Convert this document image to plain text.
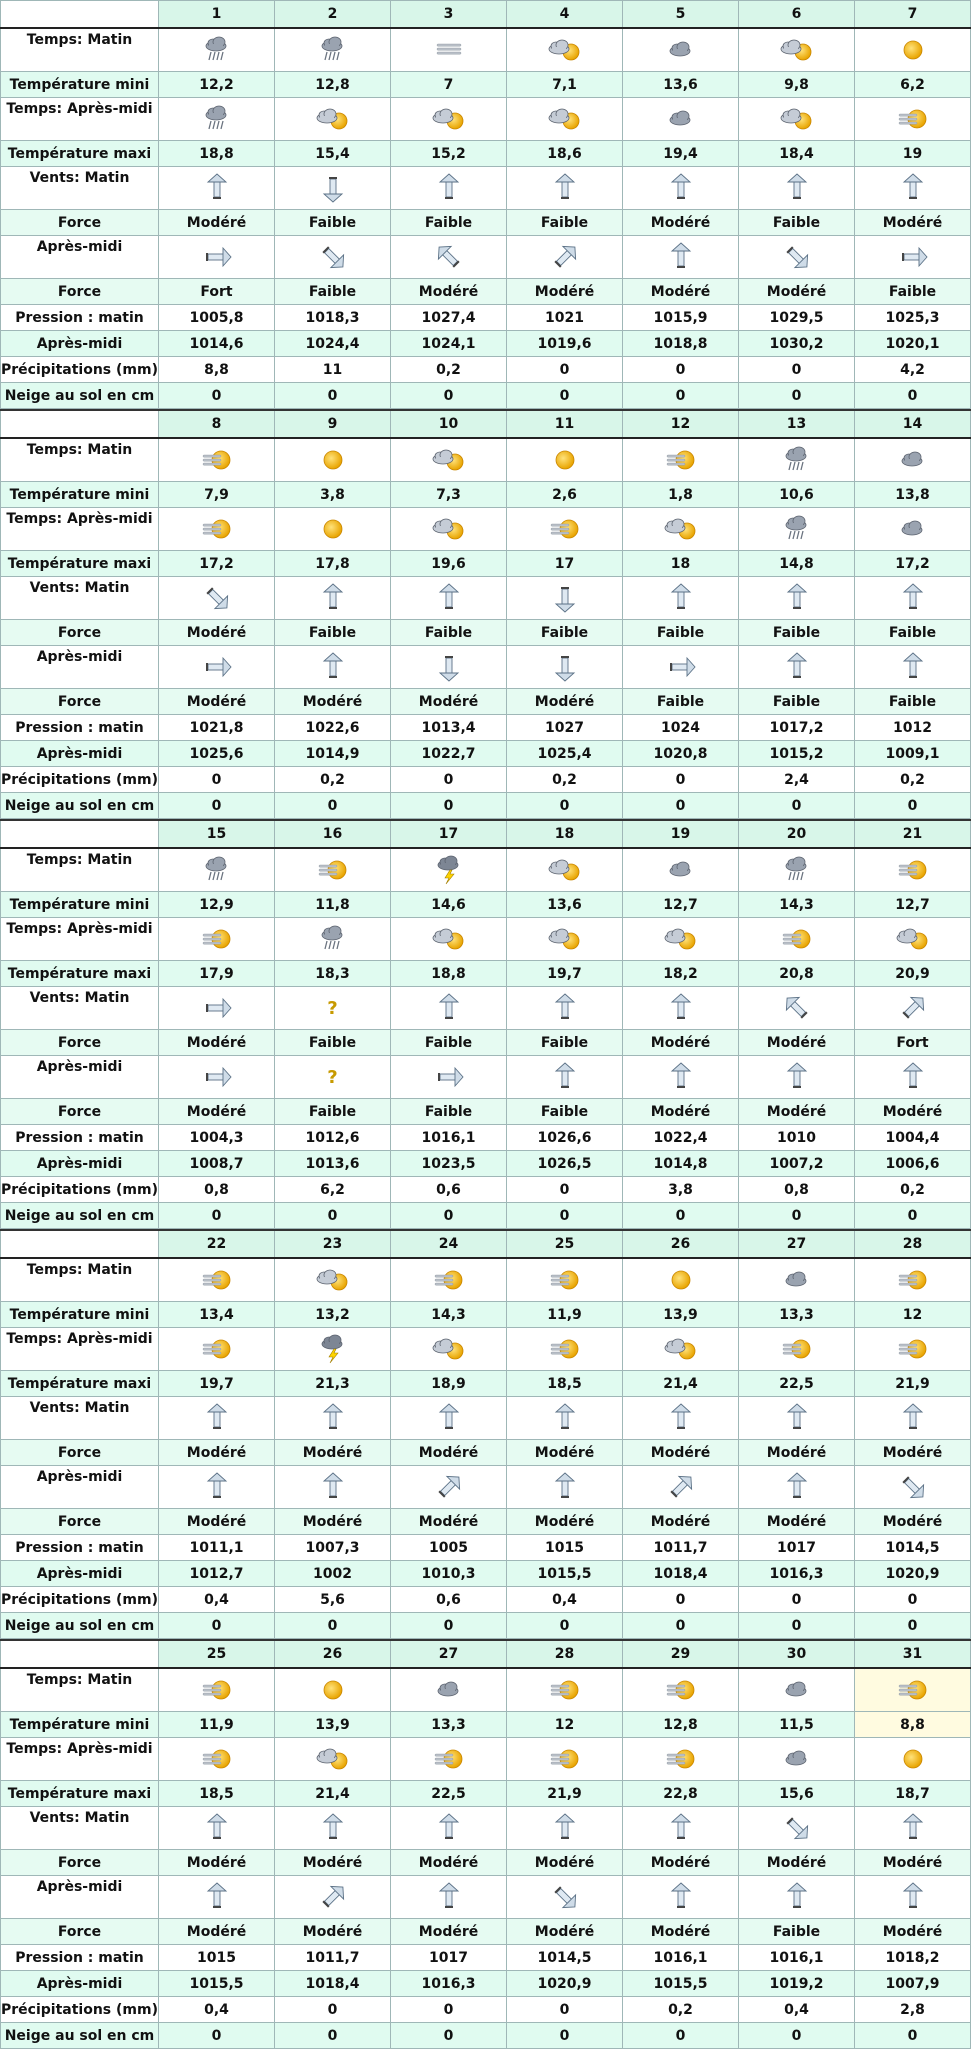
	1	2	3	4	5	6	7
Temps: Matin							
Température mini	12,2	12,8	7	7,1	13,6	9,8	6,2
Temps: Après-midi							
Température maxi	18,8	15,4	15,2	18,6	19,4	18,4	19
Vents: Matin							
Force	Modéré	Faible	Faible	Faible	Modéré	Faible	Modéré
Après-midi							
Force	Fort	Faible	Modéré	Modéré	Modéré	Modéré	Faible
Pression : matin	1005,8	1018,3	1027,4	1021	1015,9	1029,5	1025,3
Après-midi	1014,6	1024,4	1024,1	1019,6	1018,8	1030,2	1020,1
Précipitations (mm)	8,8	11	0,2	0	0	0	4,2
Neige au sol en cm	0	0	0	0	0	0	0
	8	9	10	11	12	13	14
Temps: Matin							
Température mini	7,9	3,8	7,3	2,6	1,8	10,6	13,8
Temps: Après-midi							
Température maxi	17,2	17,8	19,6	17	18	14,8	17,2
Vents: Matin							
Force	Modéré	Faible	Faible	Faible	Faible	Faible	Faible
Après-midi							
Force	Modéré	Modéré	Modéré	Modéré	Faible	Faible	Faible
Pression : matin	1021,8	1022,6	1013,4	1027	1024	1017,2	1012
Après-midi	1025,6	1014,9	1022,7	1025,4	1020,8	1015,2	1009,1
Précipitations (mm)	0	0,2	0	0,2	0	2,4	0,2
Neige au sol en cm	0	0	0	0	0	0	0
	15	16	17	18	19	20	21
Temps: Matin							
Température mini	12,9	11,8	14,6	13,6	12,7	14,3	12,7
Temps: Après-midi							
Température maxi	17,9	18,3	18,8	19,7	18,2	20,8	20,9
Vents: Matin		?					
Force	Modéré	Faible	Faible	Faible	Modéré	Modéré	Fort
Après-midi		?					
Force	Modéré	Faible	Faible	Faible	Modéré	Modéré	Modéré
Pression : matin	1004,3	1012,6	1016,1	1026,6	1022,4	1010	1004,4
Après-midi	1008,7	1013,6	1023,5	1026,5	1014,8	1007,2	1006,6
Précipitations (mm)	0,8	6,2	0,6	0	3,8	0,8	0,2
Neige au sol en cm	0	0	0	0	0	0	0
	22	23	24	25	26	27	28
Temps: Matin							
Température mini	13,4	13,2	14,3	11,9	13,9	13,3	12
Temps: Après-midi							
Température maxi	19,7	21,3	18,9	18,5	21,4	22,5	21,9
Vents: Matin							
Force	Modéré	Modéré	Modéré	Modéré	Modéré	Modéré	Modéré
Après-midi							
Force	Modéré	Modéré	Modéré	Modéré	Modéré	Modéré	Modéré
Pression : matin	1011,1	1007,3	1005	1015	1011,7	1017	1014,5
Après-midi	1012,7	1002	1010,3	1015,5	1018,4	1016,3	1020,9
Précipitations (mm)	0,4	5,6	0,6	0,4	0	0	0
Neige au sol en cm	0	0	0	0	0	0	0
	25	26	27	28	29	30	31
Temps: Matin							
Température mini	11,9	13,9	13,3	12	12,8	11,5	8,8
Temps: Après-midi							
Température maxi	18,5	21,4	22,5	21,9	22,8	15,6	18,7
Vents: Matin							
Force	Modéré	Modéré	Modéré	Modéré	Modéré	Modéré	Modéré
Après-midi							
Force	Modéré	Modéré	Modéré	Modéré	Modéré	Faible	Modéré
Pression : matin	1015	1011,7	1017	1014,5	1016,1	1016,1	1018,2
Après-midi	1015,5	1018,4	1016,3	1020,9	1015,5	1019,2	1007,9
Précipitations (mm)	0,4	0	0	0	0,2	0,4	2,8
Neige au sol en cm	0	0	0	0	0	0	0
